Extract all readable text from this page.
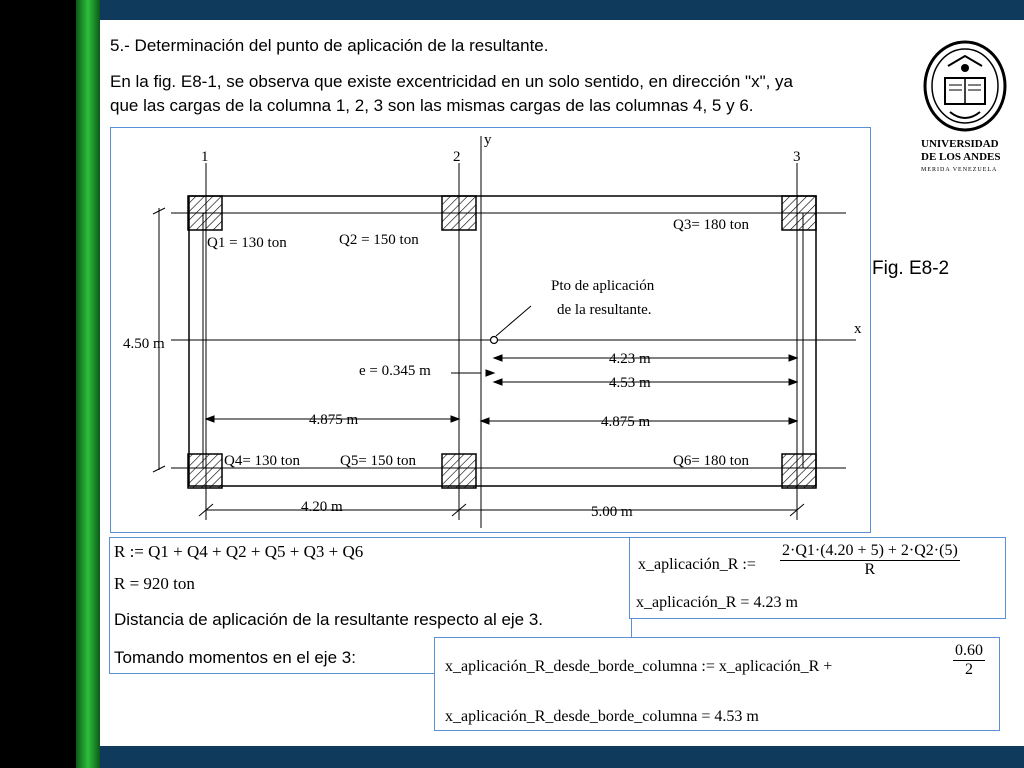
5.- Determinación del punto de aplicación de la resultante.
En la fig. E8-1, se observa que existe excentricidad en un solo sentido, en dirección "x", ya
que las cargas de la columna 1, 2, 3 son las mismas cargas de las columnas 4, 5 y 6.
UNIVERSIDAD
DE LOS ANDES
MERIDA VENEZUELA
Fig. E8-2
1	2	3
y
x
Q1 = 130 ton	Q2 = 150 ton
Q3= 180 ton
Q4= 130 ton	Q5= 150 ton	Q6= 180 ton
Pto de aplicación
de la resultante.
4.50 m
e = 0.345 m
4.23 m
4.53 m
4.875 m	4.875 m
4.20 m	5.00 m
R := Q1 + Q4 + Q2 + Q5 + Q3 + Q6
R = 920 ton
Distancia de aplicación de la resultante respecto al eje 3.
Tomando momentos en el eje 3:
x_aplicación_R := $\frac{2\cdot Q1\cdot(4.20 + 5) + 2\cdot Q2\cdot(5)}{R}$
x_aplicación_R = 4.23 m
x_aplicación_R_desde_borde_columna := x_aplicación_R +	$\frac{0.60}{2}$
x_aplicación_R_desde_borde_columna = 4.53 m
